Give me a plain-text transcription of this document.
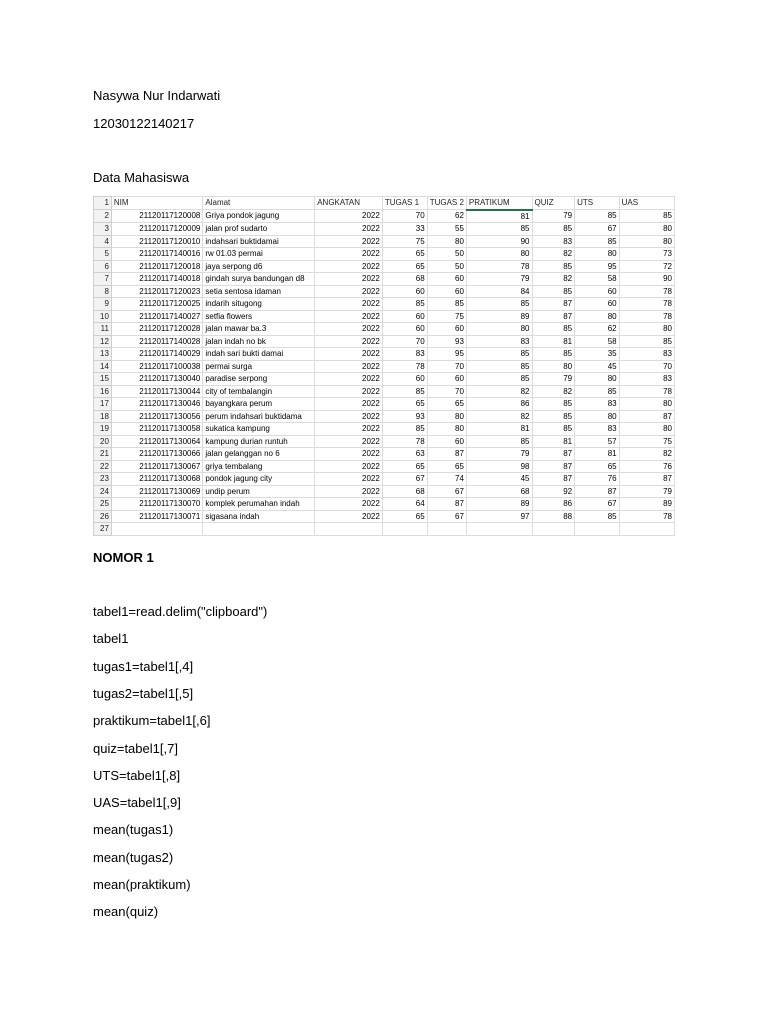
Nasywa Nur Indarwati
12030122140217
Data Mahasiswa
1	NIM	Alamat	ANGKATAN	TUGAS 1	TUGAS 2	PRATIKUM	QUIZ	UTS	UAS
2	21120117120008	Griya pondok jagung	2022	70	62	81	79	85	85
3	21120117120009	jalan prof sudarto	2022	33	55	85	85	67	80
4	21120117120010	indahsari buktidamai	2022	75	80	90	83	85	80
5	21120117140016	rw 01.03 permai	2022	65	50	80	82	80	73
6	21120117120018	jaya serpong d6	2022	65	50	78	85	95	72
7	21120117140018	gindah surya bandungan d8	2022	68	60	79	82	58	90
8	21120117120023	setia sentosa idaman	2022	60	60	84	85	60	78
9	21120117120025	indarih situgong	2022	85	85	85	87	60	78
10	21120117140027	setfia flowers	2022	60	75	89	87	80	78
11	21120117120028	jalan mawar ba.3	2022	60	60	80	85	62	80
12	21120117140028	jalan indah no bk	2022	70	93	83	81	58	85
13	21120117140029	indah sari bukti damai	2022	83	95	85	85	35	83
14	21120117100038	permai surga	2022	78	70	85	80	45	70
15	21120117130040	paradise serpong	2022	60	60	85	79	80	83
16	21120117130044	city of tembalangin	2022	85	70	82	82	85	78
17	21120117130046	bayangkara perum	2022	65	65	86	85	83	80
18	21120117130056	perum indahsari buktidama	2022	93	80	82	85	80	87
19	21120117130058	sukatica kampung	2022	85	80	81	85	83	80
20	21120117130064	kampung durian runtuh	2022	78	60	85	81	57	75
21	21120117130066	jalan gelanggan no 6	2022	63	87	79	87	81	82
22	21120117130067	griya tembalang	2022	65	65	98	87	65	76
23	21120117130068	pondok jagung city	2022	67	74	45	87	76	87
24	21120117130069	undip perum	2022	68	67	68	92	87	79
25	21120117130070	komplek perumahan indah	2022	64	87	89	86	67	89
26	21120117130071	sigasana indah	2022	65	67	97	88	85	78
27									
NOMOR 1
tabel1=read.delim("clipboard")
tabel1
tugas1=tabel1[,4]
tugas2=tabel1[,5]
praktikum=tabel1[,6]
quiz=tabel1[,7]
UTS=tabel1[,8]
UAS=tabel1[,9]
mean(tugas1)
mean(tugas2)
mean(praktikum)
mean(quiz)
